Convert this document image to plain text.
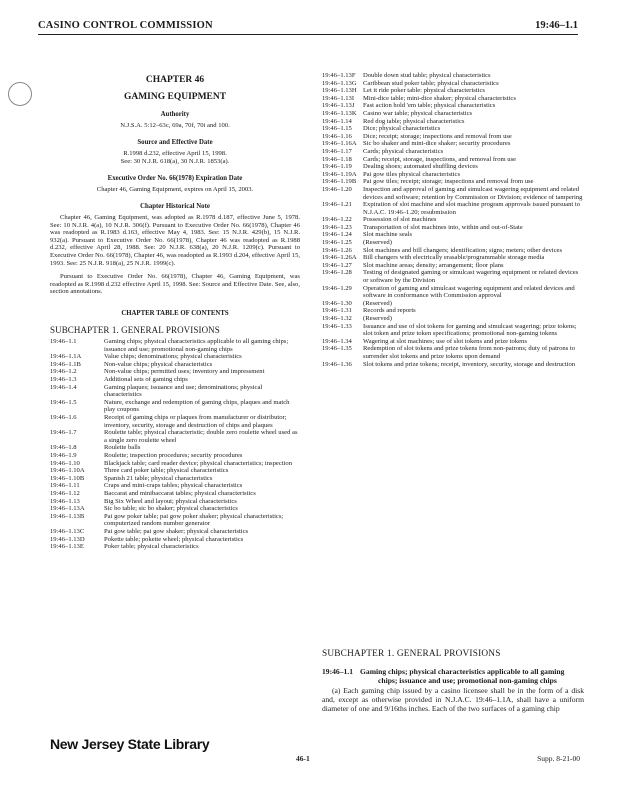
CASINO CONTROL COMMISSION	19:46–1.1
CHAPTER 46
GAMING EQUIPMENT
Authority
N.J.S.A. 5:12–63c, 69a, 70f, 70i and 100.
Source and Effective Date
R.1998 d.232, effective April 15, 1998.
See: 30 N.J.R. 618(a), 30 N.J.R. 1853(a).
Executive Order No. 66(1978) Expiration Date
Chapter 46, Gaming Equipment, expires on April 15, 2003.
Chapter Historical Note
Chapter 46, Gaming Equipment, was adopted as R.1978 d.187, effective June 5, 1978. See: 10 N.J.R. 4(a), 10 N.J.R. 306(f). Pursuant to Executive Order No. 66(1978), Chapter 46 was readopted as R.1983 d.163, effective May 4, 1983. See: 15 N.J.R. 429(b), 15 N.J.R. 932(a). Pursuant to Executive Order No. 66(1978), Chapter 46 was readopted as R.1988 d.232, effective April 28, 1988. See: 20 N.J.R. 638(a), 20 N.J.R. 1209(c). Pursuant to Executive Order No. 66(1978), Chapter 46, was readopted as R.1993 d.204, effective April 15, 1993. See: 25 N.J.R. 918(a), 25 N.J.R. 1999(c).
Pursuant to Executive Order No. 66(1978), Chapter 46, Gaming Equipment, was readopted as R.1998 d.232 effective April 15, 1998. See: Source and Effective Date. See, also, section annotations.
CHAPTER TABLE OF CONTENTS
SUBCHAPTER 1. GENERAL PROVISIONS
19:46–1.1	Gaming chips; physical characteristics applicable to all gaming chips; issuance and use; promotional non-gaming chips
19:46–1.1A	Value chips; denominations; physical characteristics
19:46–1.1B	Non-value chips; physical characteristics
19:46–1.2	Non-value chips; permitted uses; inventory and impressment
19:46–1.3	Additional sets of gaming chips
19:46–1.4	Gaming plaques; issuance and use; denominations; physical characteristics
19:46–1.5	Nature, exchange and redemption of gaming chips, plaques and match play coupons
19:46–1.6	Receipt of gaming chips or plaques from manufacturer or distributor; inventory, security, storage and destruction of chips and plaques
19:46–1.7	Roulette table; physical characteristic; double zero roulette wheel used as a single zero roulette wheel
19:46–1.8	Roulette balls
19:46–1.9	Roulette; inspection procedures; security procedures
19:46–1.10	Blackjack table; card reader device; physical characteristics; inspection
19:46–1.10A	Three card poker table; physical characteristics
19:46–1.10B	Spanish 21 table; physical characteristics
19:46–1.11	Craps and mini-craps tables; physical characteristics
19:46–1.12	Baccarat and minibaccarat tables; physical characteristics
19:46–1.13	Big Six Wheel and layout; physical characteristics
19:46–1.13A	Sic bo table; sic bo shaker; physical characteristics
19:46–1.13B	Pai gow poker table; pai gow poker shaker; physical characteristics; computerized random number generator
19:46–1.13C	Pai gow table; pai gow shaker; physical characteristics
19:46–1.13D	Pokette table; pokette wheel; physical characteristics
19:46–1.13E	Poker table; physical characteristics
19:46–1.13F	Double down stud table; physical characteristics
19:46–1.13G	Caribbean stud poker table; physical characteristics
19:46–1.13H	Let it ride poker table: physical characteristics
19:46–1.13I	Mini-dice table; mini-dice shaker; physical characteristics
19:46–1.13J	Fast action hold 'em table; physical characteristics
19:46–1.13K	Casino war table; physical characteristics
19:46–1.14	Red dog table; physical characteristics
19:46–1.15	Dice; physical characteristics
19:46–1.16	Dice; receipt; storage; inspections and removal from use
19:46–1.16A	Sic bo shaker and mini-dice shaker; security procedures
19:46–1.17	Cards; physical characteristics
19:46–1.18	Cards; receipt, storage, inspections, and removal from use
19:46–1.19	Dealing shoes; automated shuffling devices
19:46–1.19A	Pai gow tiles physical characteristics
19:46–1.19B	Pai gow tiles; receipt; storage; inspections and removal from use
19:46–1.20	Inspection and approval of gaming and simulcast wagering equipment and related devices and software; retention by Commission or Division; evidence of tampering
19:46–1.21	Expiration of slot machine and slot machine program approvals issued pursuant to N.J.A.C. 19:46–1.20; resubmission
19:46–1.22	Possession of slot machines
19:46–1.23	Transportation of slot machines into, within and out-of-State
19:46–1.24	Slot machine seals
19:46–1.25	(Reserved)
19:46–1.26	Slot machines and bill changers; identification; signs; meters; other devices
19:46–1.26A	Bill changers with electrically erasable/programmable storage media
19:46–1.27	Slot machine areas; density; arrangement; floor plans
19:46–1.28	Testing of designated gaming or simulcast wagering equipment or related devices or software by the Division
19:46–1.29	Operation of gaming and simulcast wagering equipment and related devices and software in conformance with Commission approval
19:46–1.30	(Reserved)
19:46–1.31	Records and reports
19:46–1.32	(Reserved)
19:46–1.33	Issuance and use of slot tokens for gaming and simulcast wagering; prize tokens; slot token and prize token specifications; promotional non-gaming tokens
19:46–1.34	Wagering at slot machines; use of slot tokens and prize tokens
19:46–1.35	Redemption of slot tokens and prize tokens from non-patrons; duty of patrons to surrender slot tokens and prize tokens upon demand
19:46–1.36	Slot tokens and prize tokens; receipt, inventory, security, storage and destruction
SUBCHAPTER 1. GENERAL PROVISIONS
19:46–1.1 Gaming chips; physical characteristics applicable to all gaming chips; issuance and use; promotional non-gaming chips
(a) Each gaming chip issued by a casino licensee shall be in the form of a disk and, except as otherwise provided in N.J.A.C. 19:46–1.1A, shall have a uniform diameter of one and 9/16ths inches. Each of the two surfaces of a gaming chip
New Jersey State Library
46-1	Supp. 8-21-00
